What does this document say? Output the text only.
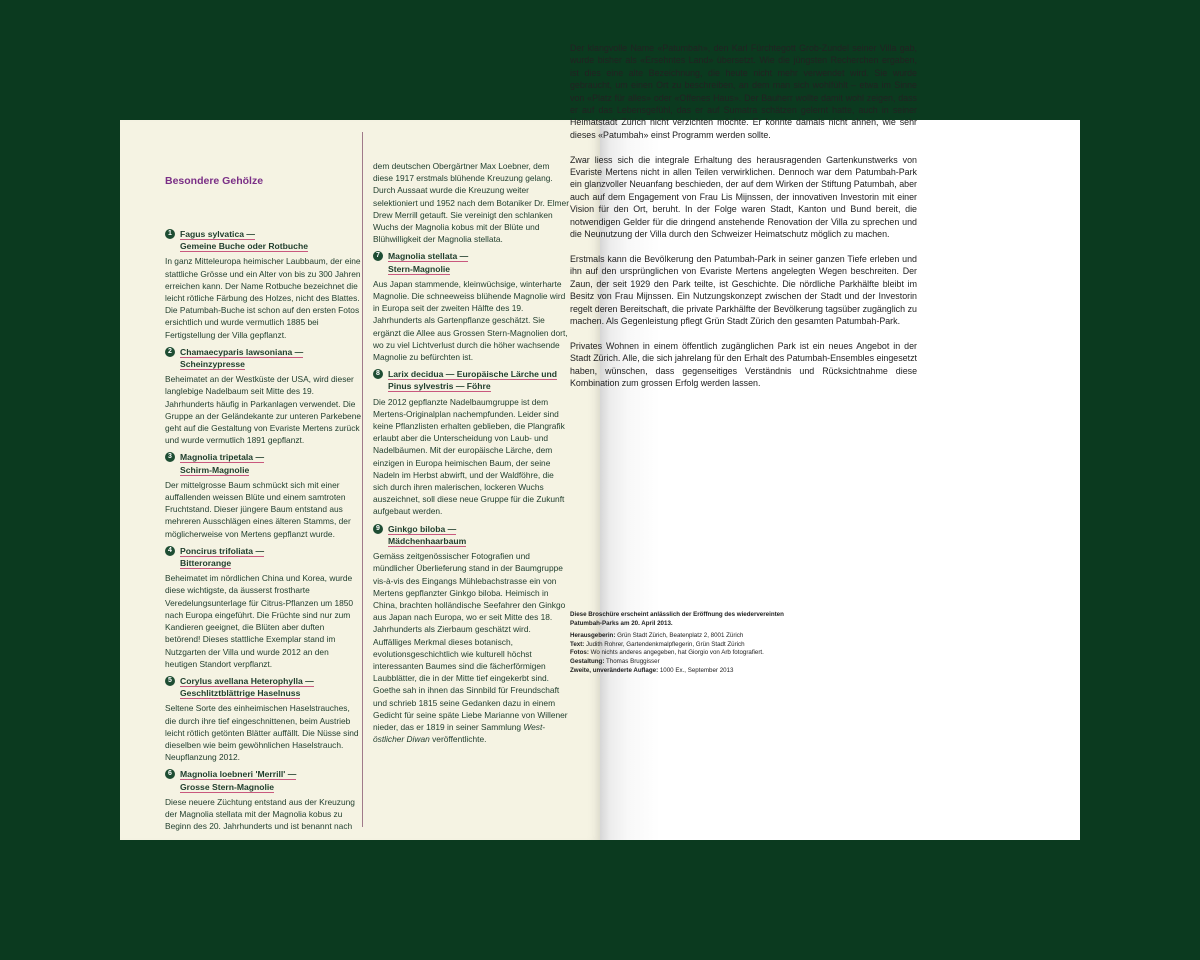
Besondere Gehölze
1 Fagus sylvatica —
Gemeine Buche oder Rotbuche

In ganz Mitteleuropa heimischer Laubbaum, der eine stattliche Grösse und ein Alter von bis zu 300 Jahren erreichen kann. Der Name Rotbuche bezeichnet die leicht rötliche Färbung des Holzes, nicht des Blattes. Die Patumbah-Buche ist schon auf den ersten Fotos ersichtlich und wurde vermutlich 1885 bei Fertigstellung der Villa gepflanzt.

2 Chamaecyparis lawsoniana —
Scheinzypresse

Beheimatet an der Westküste der USA, wird dieser langlebige Nadelbaum seit Mitte des 19. Jahrhunderts häufig in Parkanlagen verwendet. Die Gruppe an der Geländekante zur unteren Parkebene geht auf die Gestaltung von Evariste Mertens zurück und wurde vermutlich 1891 gepflanzt.

3 Magnolia tripetala —
Schirm-Magnolie

Der mittelgrosse Baum schmückt sich mit einer auffallenden weissen Blüte und einem samtroten Fruchtstand. Dieser jüngere Baum entstand aus mehreren Ausschlägen eines älteren Stamms, der möglicherweise von Mertens gepflanzt wurde.

4 Poncirus trifoliata —
Bitterorange

Beheimatet im nördlichen China und Korea, wurde diese wichtigste, da äusserst frostharte Veredelungsunterlage für Citrus-Pflanzen um 1850 nach Europa eingeführt. Die Früchte sind nur zum Kandieren geeignet, die Blüten aber duften betörend! Dieses stattliche Exemplar stand im Nutzgarten der Villa und wurde 2012 an den heutigen Standort verpflanzt.

5 Corylus avellana Heterophylla —
Geschlitztblättrige Haselnuss

Seltene Sorte des einheimischen Haselstrauches, die durch ihre tief eingeschnittenen, beim Austrieb leicht rötlich getönten Blätter auffällt. Die Nüsse sind dieselben wie beim gewöhnlichen Haselstrauch. Neupflanzung 2012.

6 Magnolia loebneri 'Merrill' —
Grosse Stern-Magnolie

Diese neuere Züchtung entstand aus der Kreuzung der Magnolia stellata mit der Magnolia kobus zu Beginn des 20. Jahrhunderts und ist benannt nach

dem deutschen Obergärtner Max Loebner, dem diese 1917 erstmals blühende Kreuzung gelang. Durch Aussaat wurde die Kreuzung weiter selektioniert und 1952 nach dem Botaniker Dr. Elmer Drew Merrill getauft. Sie vereinigt den schlanken Wuchs der Magnolia kobus mit der Blüte und Blühwilligkeit der Magnolia stellata.

7 Magnolia stellata —
Stern-Magnolie

Aus Japan stammende, kleinwüchsige, winterharte Magnolie. Die schneeweiss blühende Magnolie wird in Europa seit der zweiten Hälfte des 19. Jahrhunderts als Gartenpflanze geschätzt. Sie ergänzt die Allee aus Grossen Stern-Magnolien dort, wo zu viel Lichtverlust durch die höher wachsende Magnolie zu befürchten ist.

8 Larix decidua — Europäische Lärche und
Pinus sylvestris — Föhre

Die 2012 gepflanzte Nadelbaumgruppe ist dem Mertens-Originalplan nachempfunden. Leider sind keine Pflanzlisten erhalten geblieben, die Plangrafik erlaubt aber die Unterscheidung von Laub- und Nadelbäumen. Mit der europäische Lärche, dem einzigen in Europa heimischen Baum, der seine Nadeln im Herbst abwirft, und der Waldföhre, die sich durch ihren malerischen, lockeren Wuchs auszeichnet, soll diese neue Gruppe für die Zukunft aufgebaut werden.

9 Ginkgo biloba —
Mädchenhaarbaum

Gemäss zeitgenössischer Fotografien und mündlicher Überlieferung stand in der Baumgruppe vis-à-vis des Eingangs Mühlebachstrasse ein von Mertens gepflanzter Ginkgo biloba. Heimisch in China, brachten holländische Seefahrer den Ginkgo aus Japan nach Europa, wo er seit Mitte des 18. Jahrhunderts als Zierbaum geschätzt wird. Auffälliges Merkmal dieses botanisch, evolutionsgeschichtlich wie kulturell höchst interessanten Baumes sind die fächerförmigen Laubblätter, die in der Mitte tief eingekerbt sind. Goethe sah in ihnen das Sinnbild für Freundschaft und schrieb 1815 seine Gedanken dazu in einem Gedicht für seine späte Liebe Marianne von Willener nieder, das er 1819 in seiner Sammlung West-östlicher Diwan veröffentlichte.

Der klangvolle Name «Patumbah», den Karl Fürchtegott Grob-Zundel seiner Villa gab, wurde bisher als «Ersehntes Land» übersetzt. Wie die jüngsten Recherchen ergaben, ist dies eine alte Bezeichnung, die heute nicht mehr verwendet wird. Sie wurde gebraucht, um einen Ort zu beschreiben, an dem man sich wohlfühlt – etwa im Sinne von «Platz für alles» oder «Offenes Haus». Der Bauherr wollte damit wohl zeigen, dass er auf das Lebensgefühl, das er auf Sumatra schätzen gelernt hatte, auch in seiner Heimatstadt Zürich nicht verzichten möchte. Er konnte damals nicht ahnen, wie sehr dieses «Patumbah» einst Programm werden sollte.

Zwar liess sich die integrale Erhaltung des herausragenden Gartenkunstwerks von Evariste Mertens nicht in allen Teilen verwirklichen. Dennoch war dem Patumbah-Park ein glanzvoller Neuanfang beschieden, der auf dem Wirken der Stiftung Patumbah, aber auch auf dem Engagement von Frau Lis Mijnssen, der innovativen Investorin mit einer Vision für den Ort, beruht. In der Folge waren Stadt, Kanton und Bund bereit, die notwendigen Gelder für die dringend anstehende Renovation der Villa zu sprechen und die Neunutzung der Villa durch den Schweizer Heimatschutz möglich zu machen.

Erstmals kann die Bevölkerung den Patumbah-Park in seiner ganzen Tiefe erleben und ihn auf den ursprünglichen von Evariste Mertens angelegten Wegen beschreiten. Der Zaun, der seit 1929 den Park teilte, ist Geschichte. Die nördliche Parkhälfte bleibt im Besitz von Frau Mijnssen. Ein Nutzungskonzept zwischen der Stadt und der Investorin regelt deren Bereitschaft, die private Parkhälfte der Bevölkerung tagsüber zugänglich zu machen. Als Gegenleistung pflegt Grün Stadt Zürich den gesamten Patumbah-Park.

Privates Wohnen in einem öffentlich zugänglichen Park ist ein neues Angebot in der Stadt Zürich. Alle, die sich jahrelang für den Erhalt des Patumbah-Ensembles eingesetzt haben, wünschen, dass gegenseitiges Verständnis und Rücksichtnahme diese Kombination zum grossen Erfolg werden lassen.

Diese Broschüre erscheint anlässlich der Eröffnung des wiedervereinten
Patumbah-Parks am 20. April 2013.
Herausgeberin: Grün Stadt Zürich, Beatenplatz 2, 8001 Zürich
Text: Judith Rohrer, Gartendenkmalpflegerin, Grün Stadt Zürich
Fotos: Wo nichts anderes angegeben, hat Giorgio von Arb fotografiert.
Gestaltung: Thomas Bruggisser
Zweite, unveränderte Auflage: 1000 Ex., September 2013
